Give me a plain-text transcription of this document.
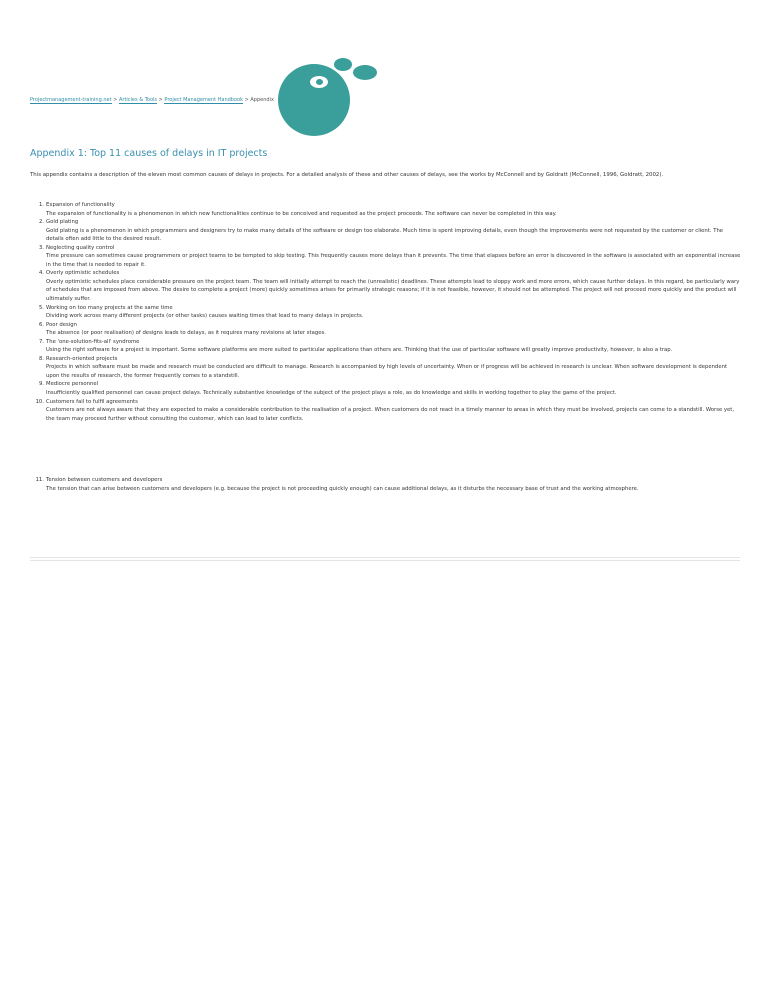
Projectmanagement-training.net > Articles & Tools > Project Management Handbook > Appendix
Appendix 1: Top 11 causes of delays in IT projects

This appendix contains a description of the eleven most common causes of delays in projects. For a detailed analysis of these and other causes of delays, see the works by McConnell and by Goldratt (McConnell, 1996, Goldratt, 2002).

1. Expansion of functionality
The expansion of functionality is a phenomenon in which new functionalities continue to be conceived and requested as the project proceeds. The software can never be completed in this way.
2. Gold plating
Gold plating is a phenomenon in which programmers and designers try to make many details of the software or design too elaborate. Much time is spent improving details, even though the improvements were not requested by the customer or client. The details often add little to the desired result.
3. Neglecting quality control
Time pressure can sometimes cause programmers or project teams to be tempted to skip testing. This frequently causes more delays than it prevents. The time that elapses before an error is discovered in the software is associated with an exponential increase in the time that is needed to repair it.
4. Overly optimistic schedules
Overly optimistic schedules place considerable pressure on the project team. The team will initially attempt to reach the (unrealistic) deadlines. These attempts lead to sloppy work and more errors, which cause further delays. In this regard, be particularly wary of schedules that are imposed from above. The desire to complete a project (more) quickly sometimes arises for primarily strategic reasons; if it is not feasible, however, it should not be attempted. The project will not proceed more quickly and the product will ultimately suffer.
5. Working on too many projects at the same time
Dividing work across many different projects (or other tasks) causes waiting times that lead to many delays in projects.
6. Poor design
The absence (or poor realisation) of designs leads to delays, as it requires many revisions at later stages.
7. The 'one-solution-fits-all' syndrome
Using the right software for a project is important. Some software platforms are more suited to particular applications than others are. Thinking that the use of particular software will greatly improve productivity, however, is also a trap.
8. Research-oriented projects
Projects in which software must be made and research must be conducted are difficult to manage. Research is accompanied by high levels of uncertainty. When or if progress will be achieved in research is unclear. When software development is dependent upon the results of research, the former frequently comes to a standstill.
9. Mediocre personnel
Insufficiently qualified personnel can cause project delays. Technically substantive knowledge of the subject of the project plays a role, as do knowledge and skills in working together to play the game of the project.
10. Customers fail to fulfil agreements
Customers are not always aware that they are expected to make a considerable contribution to the realisation of a project. When customers do not react in a timely manner to areas in which they must be involved, projects can come to a standstill. Worse yet, the team may proceed further without consulting the customer, which can lead to later conflicts.
11. Tension between customers and developers
The tension that can arise between customers and developers (e.g. because the project is not proceeding quickly enough) can cause additional delays, as it disturbs the necessary base of trust and the working atmosphere.
